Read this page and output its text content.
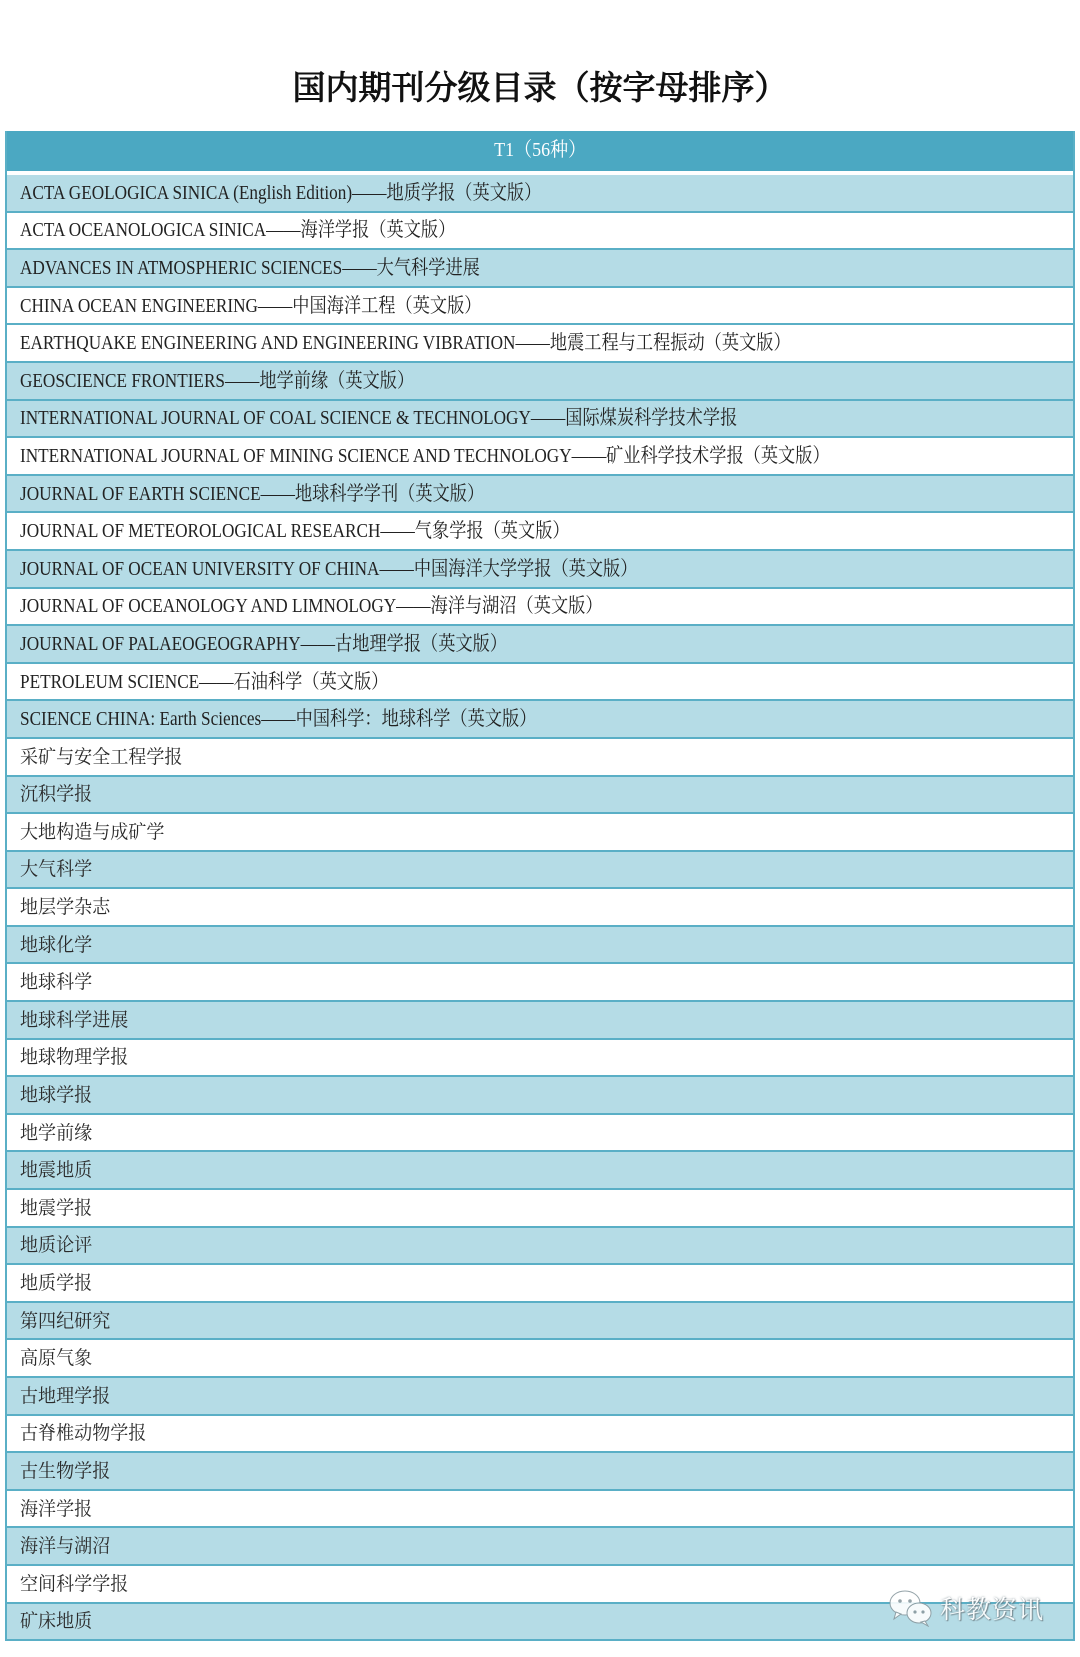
国内期刊分级目录（按字母排序）
T1（56种）
ACTA GEOLOGICA SINICA (English Edition)——地质学报（英文版）
ACTA OCEANOLOGICA SINICA——海洋学报（英文版）
ADVANCES IN ATMOSPHERIC SCIENCES——大气科学进展
CHINA OCEAN ENGINEERING——中国海洋工程（英文版）
EARTHQUAKE ENGINEERING AND ENGINEERING VIBRATION——地震工程与工程振动（英文版）
GEOSCIENCE FRONTIERS——地学前缘（英文版）
INTERNATIONAL JOURNAL OF COAL SCIENCE & TECHNOLOGY——国际煤炭科学技术学报
INTERNATIONAL JOURNAL OF MINING SCIENCE AND TECHNOLOGY——矿业科学技术学报（英文版）
JOURNAL OF EARTH SCIENCE——地球科学学刊（英文版）
JOURNAL OF METEOROLOGICAL RESEARCH——气象学报（英文版）
JOURNAL OF OCEAN UNIVERSITY OF CHINA——中国海洋大学学报（英文版）
JOURNAL OF OCEANOLOGY AND LIMNOLOGY——海洋与湖沼（英文版）
JOURNAL OF PALAEOGEOGRAPHY——古地理学报（英文版）
PETROLEUM SCIENCE——石油科学（英文版）
SCIENCE CHINA: Earth Sciences——中国科学：地球科学（英文版）
采矿与安全工程学报
沉积学报
大地构造与成矿学
大气科学
地层学杂志
地球化学
地球科学
地球科学进展
地球物理学报
地球学报
地学前缘
地震地质
地震学报
地质论评
地质学报
第四纪研究
高原气象
古地理学报
古脊椎动物学报
古生物学报
海洋学报
海洋与湖沼
空间科学学报
矿床地质	科教资讯
